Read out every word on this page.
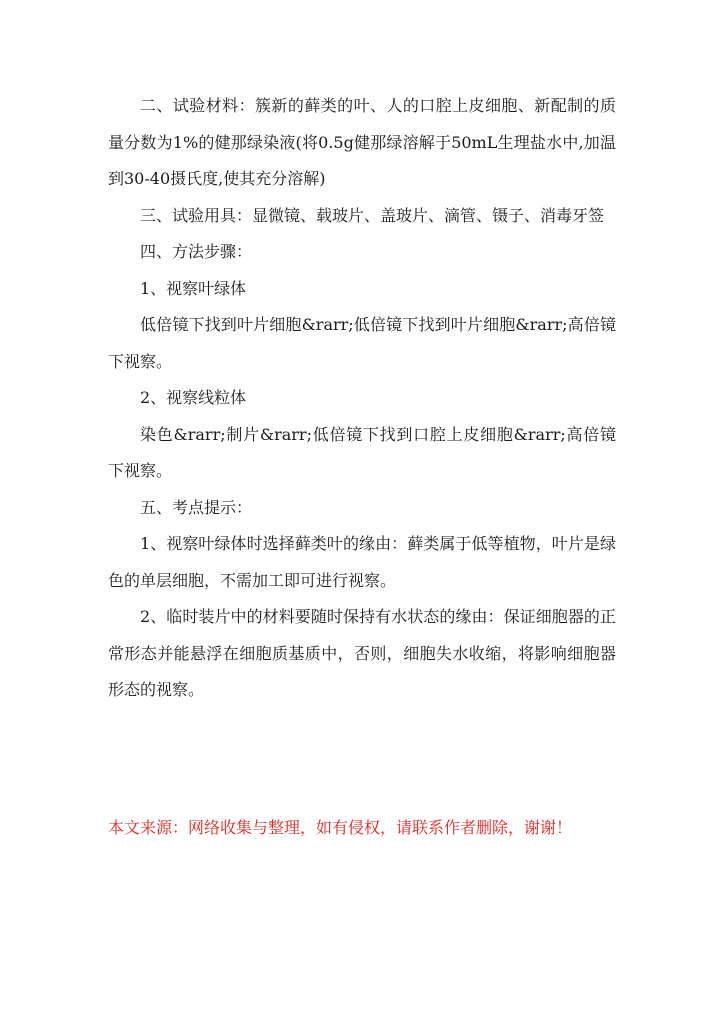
二、试验材料：簇新的藓类的叶、人的口腔上皮细胞、新配制的质量分数为1%的健那绿染液(将0.5g健那绿溶解于50mL生理盐水中,加温到30-40摄氏度,使其充分溶解)

三、试验用具：显微镜、载玻片、盖玻片、滴管、镊子、消毒牙签

四、方法步骤：

1、视察叶绿体

低倍镜下找到叶片细胞&rarr;低倍镜下找到叶片细胞&rarr;高倍镜下视察。

2、视察线粒体

染色&rarr;制片&rarr;低倍镜下找到口腔上皮细胞&rarr;高倍镜下视察。

五、考点提示：

1、视察叶绿体时选择藓类叶的缘由：藓类属于低等植物，叶片是绿色的单层细胞，不需加工即可进行视察。

2、临时装片中的材料要随时保持有水状态的缘由：保证细胞器的正常形态并能悬浮在细胞质基质中，否则，细胞失水收缩，将影响细胞器形态的视察。

本文来源：网络收集与整理，如有侵权，请联系作者删除，谢谢！
